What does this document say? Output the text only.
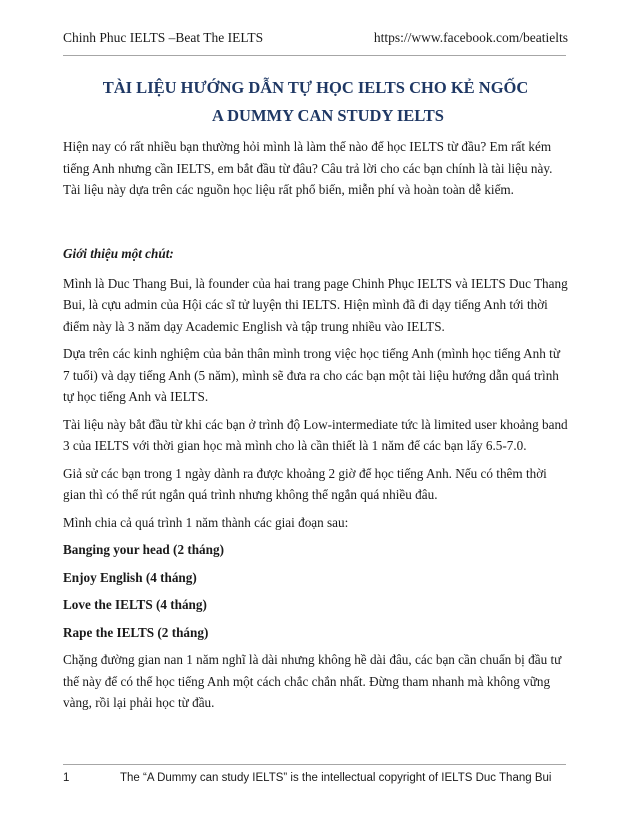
Chinh Phuc IELTS –Beat The IELTS	https://www.facebook.com/beatielts
TÀI LIỆU HƯỚNG DẪN TỰ HỌC IELTS CHO KẺ NGỐC
A DUMMY CAN STUDY IELTS

Hiện nay có rất nhiều bạn thường hỏi mình là làm thế nào để học IELTS từ đầu? Em rất kém tiếng Anh nhưng cần IELTS, em bắt đầu từ đâu? Câu trả lời cho các bạn chính là tài liệu này. Tài liệu này dựa trên các nguồn học liệu rất phổ biến, miễn phí và hoàn toàn dễ kiếm.

Giới thiệu một chút:

Mình là Duc Thang Bui, là founder của hai trang page Chinh Phục IELTS và IELTS Duc Thang Bui, là cựu admin của Hội các sĩ tử luyện thi IELTS. Hiện mình đã đi dạy tiếng Anh tới thời điểm này là 3 năm dạy Academic English và tập trung nhiều vào IELTS.

Dựa trên các kinh nghiệm của bản thân mình trong việc học tiếng Anh (mình học tiếng Anh từ 7 tuổi) và dạy tiếng Anh (5 năm), mình sẽ đưa ra cho các bạn một tài liệu hướng dẫn quá trình tự học tiếng Anh và IELTS.

Tài liệu này bắt đầu từ khi các bạn ở trình độ Low-intermediate tức là limited user khoảng band 3 của IELTS với thời gian học mà mình cho là cần thiết là 1 năm để các bạn lấy 6.5-7.0.

Giả sử các bạn trong 1 ngày dành ra được khoảng 2 giờ để học tiếng Anh. Nếu có thêm thời gian thì có thể rút ngắn quá trình nhưng không thể ngắn quá nhiều đâu.

Mình chia cả quá trình 1 năm thành các giai đoạn sau:

Banging your head (2 tháng)

Enjoy English (4 tháng)

Love the IELTS (4 tháng)

Rape the IELTS (2 tháng)

Chặng đường gian nan 1 năm nghĩ là dài nhưng không hề dài đâu, các bạn cần chuẩn bị đầu tư thế này để có thể học tiếng Anh một cách chắc chắn nhất. Đừng tham nhanh mà không vững vàng, rồi lại phải học từ đầu.

1	The “A Dummy can study IELTS” is the intellectual copyright of IELTS Duc Thang Bui
